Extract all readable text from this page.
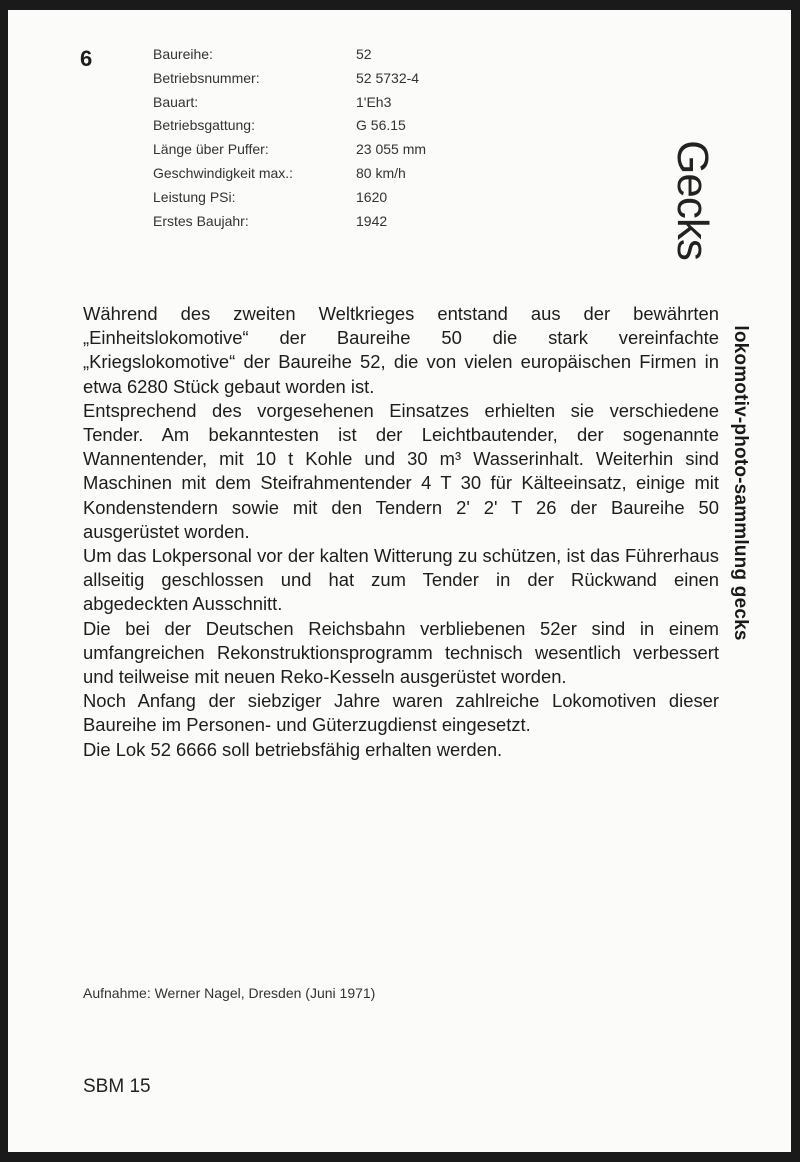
6	Baureihe:	52
Betriebsnummer:	52 5732-4
Bauart:	1'Eh3
Betriebsgattung:	G 56.15
Länge über Puffer:	23 055 mm
Geschwindigkeit max.:	80 km/h
Leistung PSi:	1620
Erstes Baujahr:	1942	Gecks
lokomotiv-photo-sammlung gecks
Während des zweiten Weltkrieges entstand aus der bewährten „Einheitslokomotive“ der Baureihe 50 die stark vereinfachte „Kriegslokomotive“ der Baureihe 52, die von vielen europäischen Firmen in etwa 6280 Stück gebaut worden ist.
Entsprechend des vorgesehenen Einsatzes erhielten sie verschiedene Tender. Am bekanntesten ist der Leichtbautender, der sogenannte Wannentender, mit 10 t Kohle und 30 m³ Wasserinhalt. Weiterhin sind Maschinen mit dem Steifrahmentender 4 T 30 für Kälteeinsatz, einige mit Kondenstendern sowie mit den Tendern 2' 2' T 26 der Baureihe 50 ausgerüstet worden.
Um das Lokpersonal vor der kalten Witterung zu schützen, ist das Führerhaus allseitig geschlossen und hat zum Tender in der Rückwand einen abgedeckten Ausschnitt.
Die bei der Deutschen Reichsbahn verbliebenen 52er sind in einem umfangreichen Rekonstruktionsprogramm technisch wesentlich verbessert und teilweise mit neuen Reko-Kesseln ausgerüstet worden.
Noch Anfang der siebziger Jahre waren zahlreiche Lokomotiven dieser Baureihe im Personen- und Güterzugdienst eingesetzt.
Die Lok 52 6666 soll betriebsfähig erhalten werden.
Aufnahme: Werner Nagel, Dresden (Juni 1971)
SBM 15
